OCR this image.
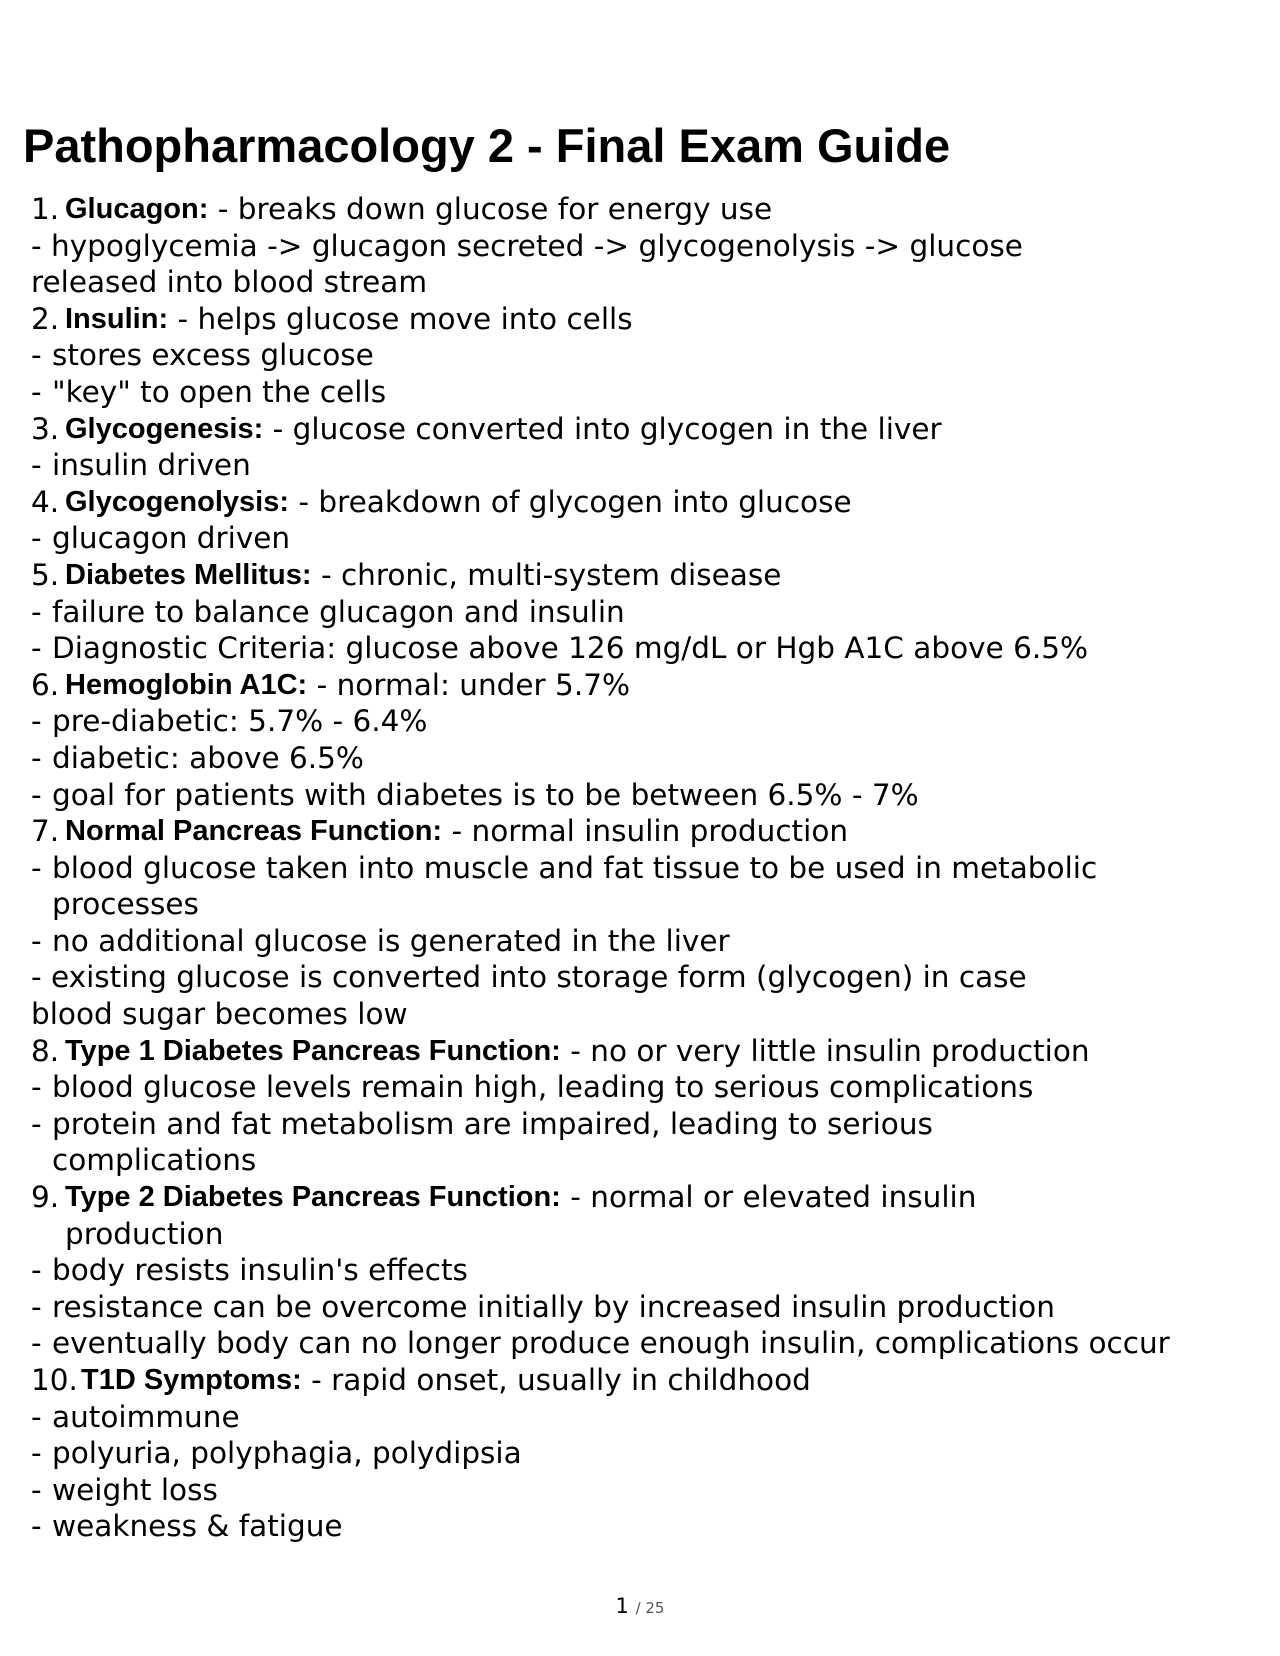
Pathopharmacology 2 - Final Exam Guide
1. Glucagon: - breaks down glucose for energy use
- hypoglycemia -> glucagon secreted -> glycogenolysis -> glucose
released into blood stream
2. Insulin: - helps glucose move into cells
- stores excess glucose
- "key" to open the cells
3. Glycogenesis: - glucose converted into glycogen in the liver
- insulin driven
4. Glycogenolysis: - breakdown of glycogen into glucose
- glucagon driven
5. Diabetes Mellitus: - chronic, multi-system disease
- failure to balance glucagon and insulin
- Diagnostic Criteria: glucose above 126 mg/dL or Hgb A1C above 6.5%
6. Hemoglobin A1C: - normal: under 5.7%
- pre-diabetic: 5.7% - 6.4%
- diabetic: above 6.5%
- goal for patients with diabetes is to be between 6.5% - 7%
7. Normal Pancreas Function: - normal insulin production
- blood glucose taken into muscle and fat tissue to be used in metabolic processes
- no additional glucose is generated in the liver
- existing glucose is converted into storage form (glycogen) in case
blood sugar becomes low
8. Type 1 Diabetes Pancreas Function: - no or very little insulin production
- blood glucose levels remain high, leading to serious complications
- protein and fat metabolism are impaired, leading to serious complications
9. Type 2 Diabetes Pancreas Function: - normal or elevated insulin
production
- body resists insulin's effects
- resistance can be overcome initially by increased insulin production
- eventually body can no longer produce enough insulin, complications occur
10. T1D Symptoms: - rapid onset, usually in childhood
- autoimmune
- polyuria, polyphagia, polydipsia
- weight loss
- weakness & fatigue
1 / 25
